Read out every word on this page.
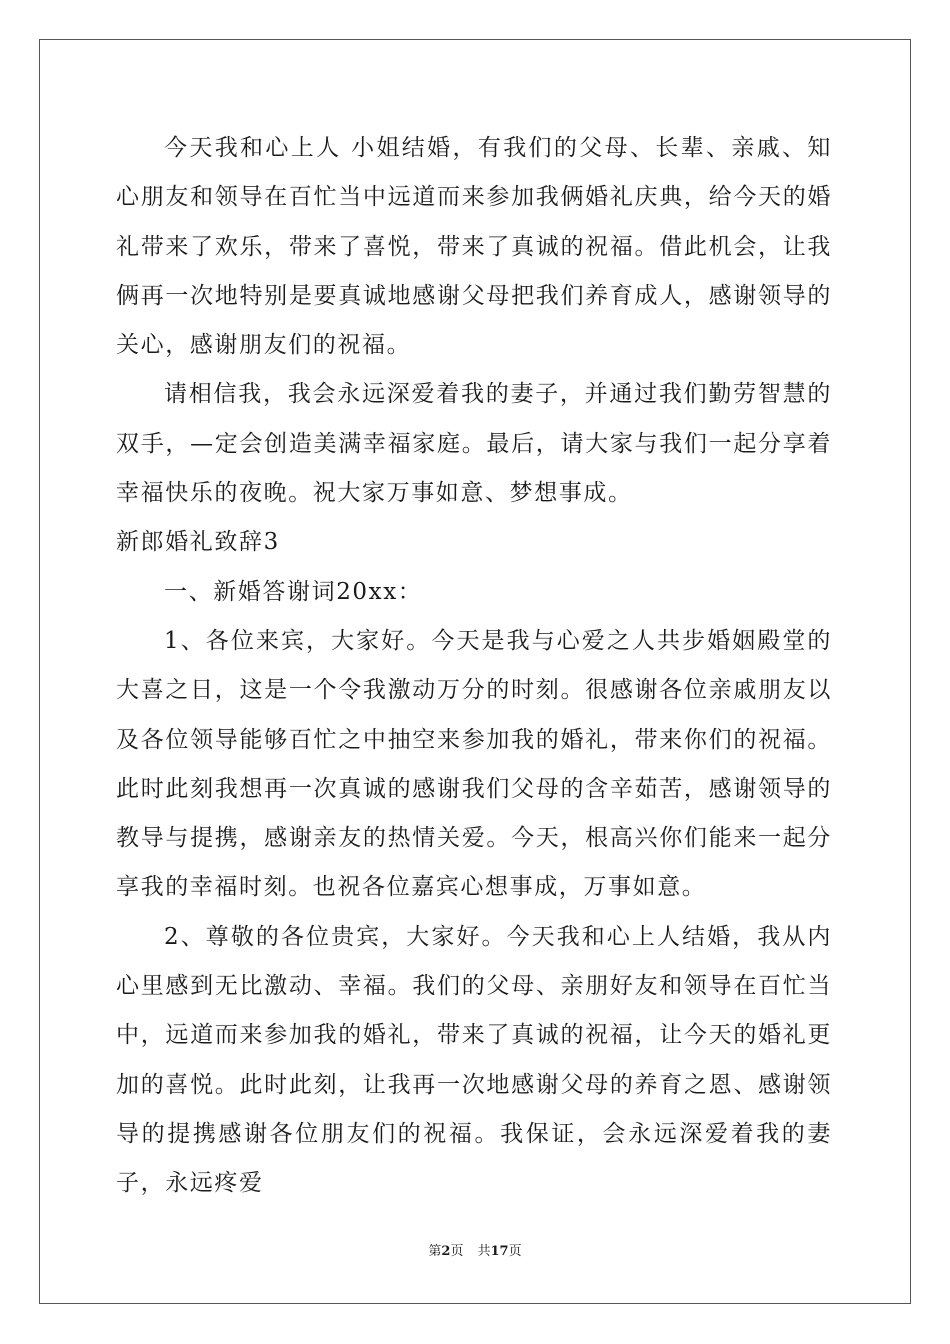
今天我和心上人 小姐结婚，有我们的父母、长辈、亲戚、知心朋友和领导在百忙当中远道而来参加我俩婚礼庆典，给今天的婚礼带来了欢乐，带来了喜悦，带来了真诚的祝福。借此机会，让我俩再一次地特别是要真诚地感谢父母把我们养育成人，感谢领导的关心，感谢朋友们的祝福。

请相信我，我会永远深爱着我的妻子，并通过我们勤劳智慧的双手，—定会创造美满幸福家庭。最后，请大家与我们一起分享着幸福快乐的夜晚。祝大家万事如意、梦想事成。

新郎婚礼致辞3

一、新婚答谢词20xx：

1、各位来宾，大家好。今天是我与心爱之人共步婚姻殿堂的大喜之日，这是一个令我激动万分的时刻。很感谢各位亲戚朋友以及各位领导能够百忙之中抽空来参加我的婚礼，带来你们的祝福。此时此刻我想再一次真诚的感谢我们父母的含辛茹苦，感谢领导的教导与提携，感谢亲友的热情关爱。今天，根高兴你们能来一起分享我的幸福时刻。也祝各位嘉宾心想事成，万事如意。

2、尊敬的各位贵宾，大家好。今天我和心上人结婚，我从内心里感到无比激动、幸福。我们的父母、亲朋好友和领导在百忙当中，远道而来参加我的婚礼，带来了真诚的祝福，让今天的婚礼更加的喜悦。此时此刻，让我再一次地感谢父母的养育之恩、感谢领导的提携感谢各位朋友们的祝福。我保证，会永远深爱着我的妻子，永远疼爱

第2页 共17页
